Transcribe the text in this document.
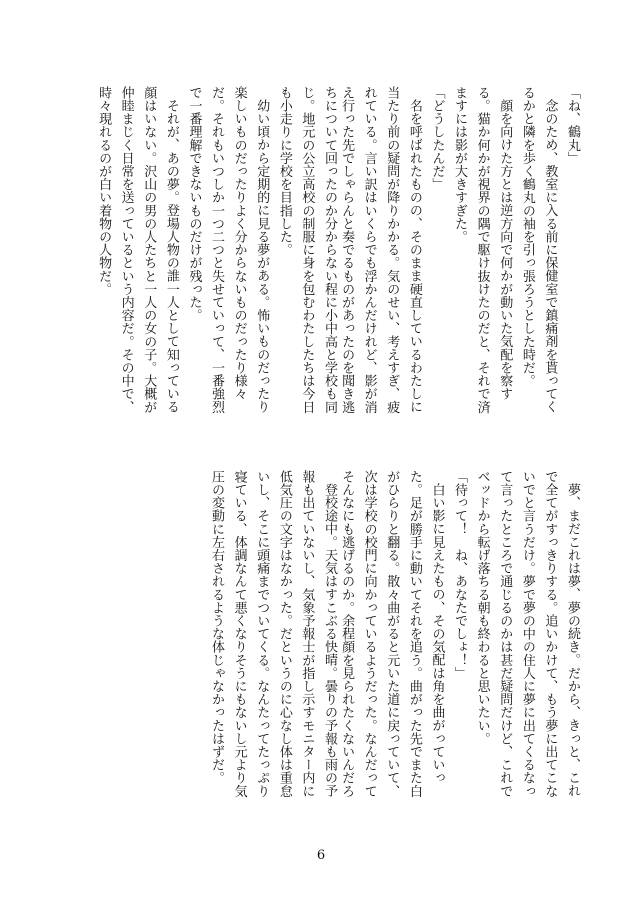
「ね、鶴丸」
念のため、教室に入る前に保健室で鎮痛剤を貰ってくるかと隣を歩く鶴丸の袖を引っ張ろうとした時だ。
顔を向けた方とは逆方向で何かが動いた気配を察する。猫か何かが視界の隅で駆け抜けたのだと、それで済ますには影が大きすぎた。
「どうしたんだ」
名を呼ばれたものの、そのまま硬直しているわたしに当たり前の疑問が降りかかる。気のせい、考えすぎ、疲れている。言い訳はいくらでも浮かんだけれど、影が消え行った先でしゃらんと奏でるものがあったのを聞き逃
ちについて回ったのか分からない程に小中高と学校も同じ。地元の公立高校の制服に身を包むわたしたちは今日も小走りに学校を目指した。
幼い頃から定期的に見る夢がある。怖いものだったり楽しいものだったりよく分からないものだったり様々だ。それもいつしか一つ二つと失せていって、一番強烈で一番理解できないものだけが残った。
それが、あの夢。登場人物の誰一人として知っている顔はいない。沢山の男の人たちと一人の女の子。大概が仲睦まじく日常を送っているという内容だ。その中で、時々現れるのが白い着物の人物だ。
夢、まだこれは夢、夢の続き。だから、きっと、これで全てがすっきりする。追いかけて、もう夢に出てこないでと言うだけ。夢で夢の中の住人に夢に出てくるなって言ったところで通じるのかは甚だ疑問だけど、これでベッドから転げ落ちる朝も終わると思いたい。
「待って！　ね、あなたでしょ！」
白い影に見えたもの、その気配は角を曲がっていった。足が勝手に動いてそれを追う。曲がった先でまた白がひらりと翻る。散々曲がると元いた道に戻っていて、次は学校の校門に向かっているようだった。なんだってそんなにも逃げるのか。余程顔を見られたくないんだろ
登校途中。天気はすこぶる快晴。曇りの予報も雨の予報も出ていないし、気象予報士が指し示すモニター内に低気圧の文字はなかった。だというのに心なし体は重怠いし、そこに頭痛までついてくる。なんたってたっぷり寝ている、体調なんて悪くなりそうにもないし元より気圧の変動に左右されるような体じゃなかったはずだ。
6
